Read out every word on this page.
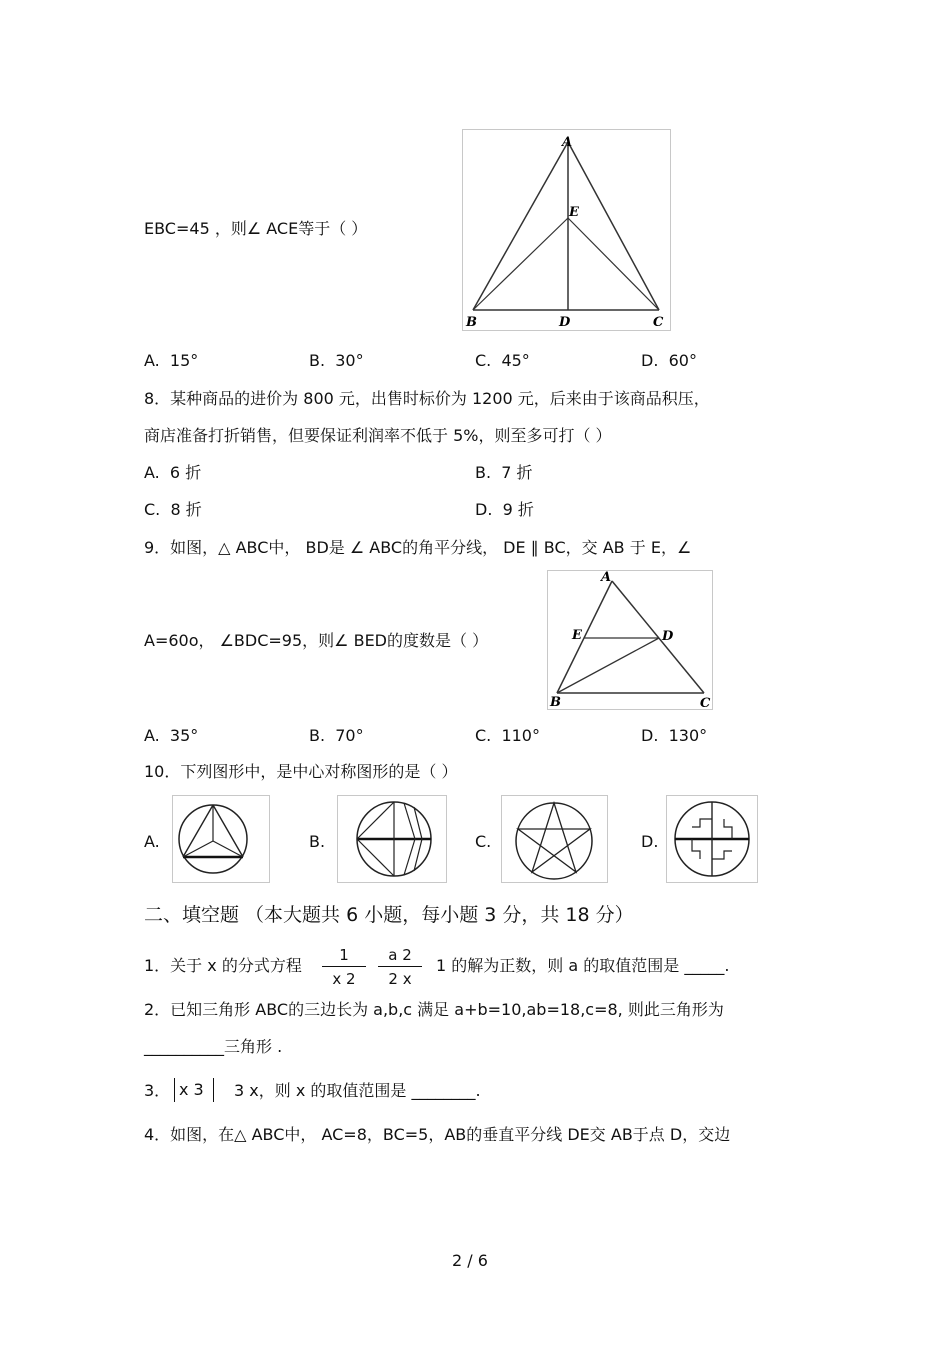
EBC=45 ，则∠ ACE等于（ ）
A
E
B	D	C
A. 15°	B. 30°	C. 45°	D. 60°
8．某种商品的进价为 800 元，出售时标价为 1200 元，后来由于该商品积压，
商店准备打折销售，但要保证利润率不低于 5%，则至多可打（ ）
A. 6 折	B. 7 折
C. 8 折	D. 9 折
9．如图，△ ABC中， BD是 ∠ ABC的角平分线， DE ∥ BC，交 AB 于 E，∠
A=60o， ∠BDC=95，则∠ BED的度数是（ ）
A
E	D
B	C
A. 35°	B. 70°	C. 110°	D. 130°
10．下列图形中，是中心对称图形的是（ ）
A.	B.	C.	D.
二、填空题 （本大题共 6 小题，每小题 3 分，共 18 分）
1．关于 x 的分式方程
1
x 2
a 2
2 x
1 的解为正数，则 a 的取值范围是 _____.
2．已知三角形 ABC的三边长为 a,b,c 满足 a+b=10,ab=18,c=8, 则此三角形为
__________三角形 .
3． x 3 3 x，则 x 的取值范围是 ________.
4．如图，在△ ABC中， AC=8，BC=5，AB的垂直平分线 DE交 AB于点 D，交边
2 / 6
